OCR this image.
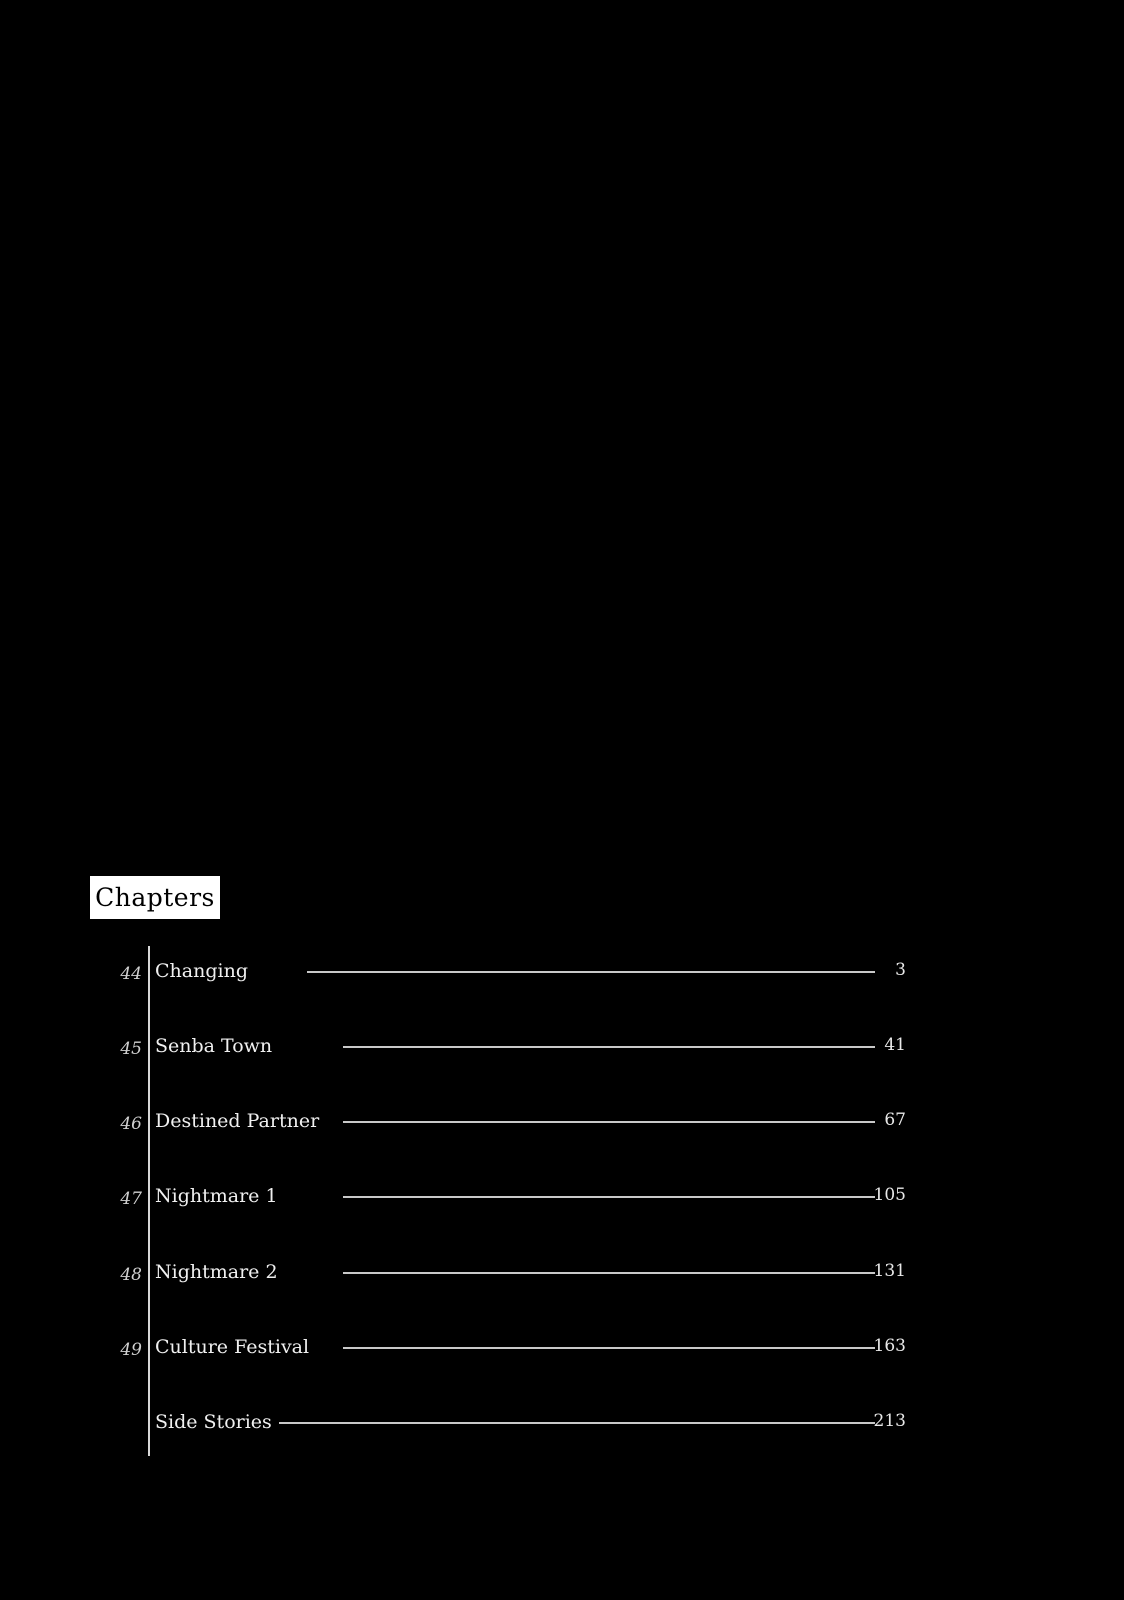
Chapters
44 Changing	3
45 Senba Town	41
46 Destined Partner	67
47 Nightmare 1	105
48 Nightmare 2	131
49 Culture Festival	163
Side Stories	213
